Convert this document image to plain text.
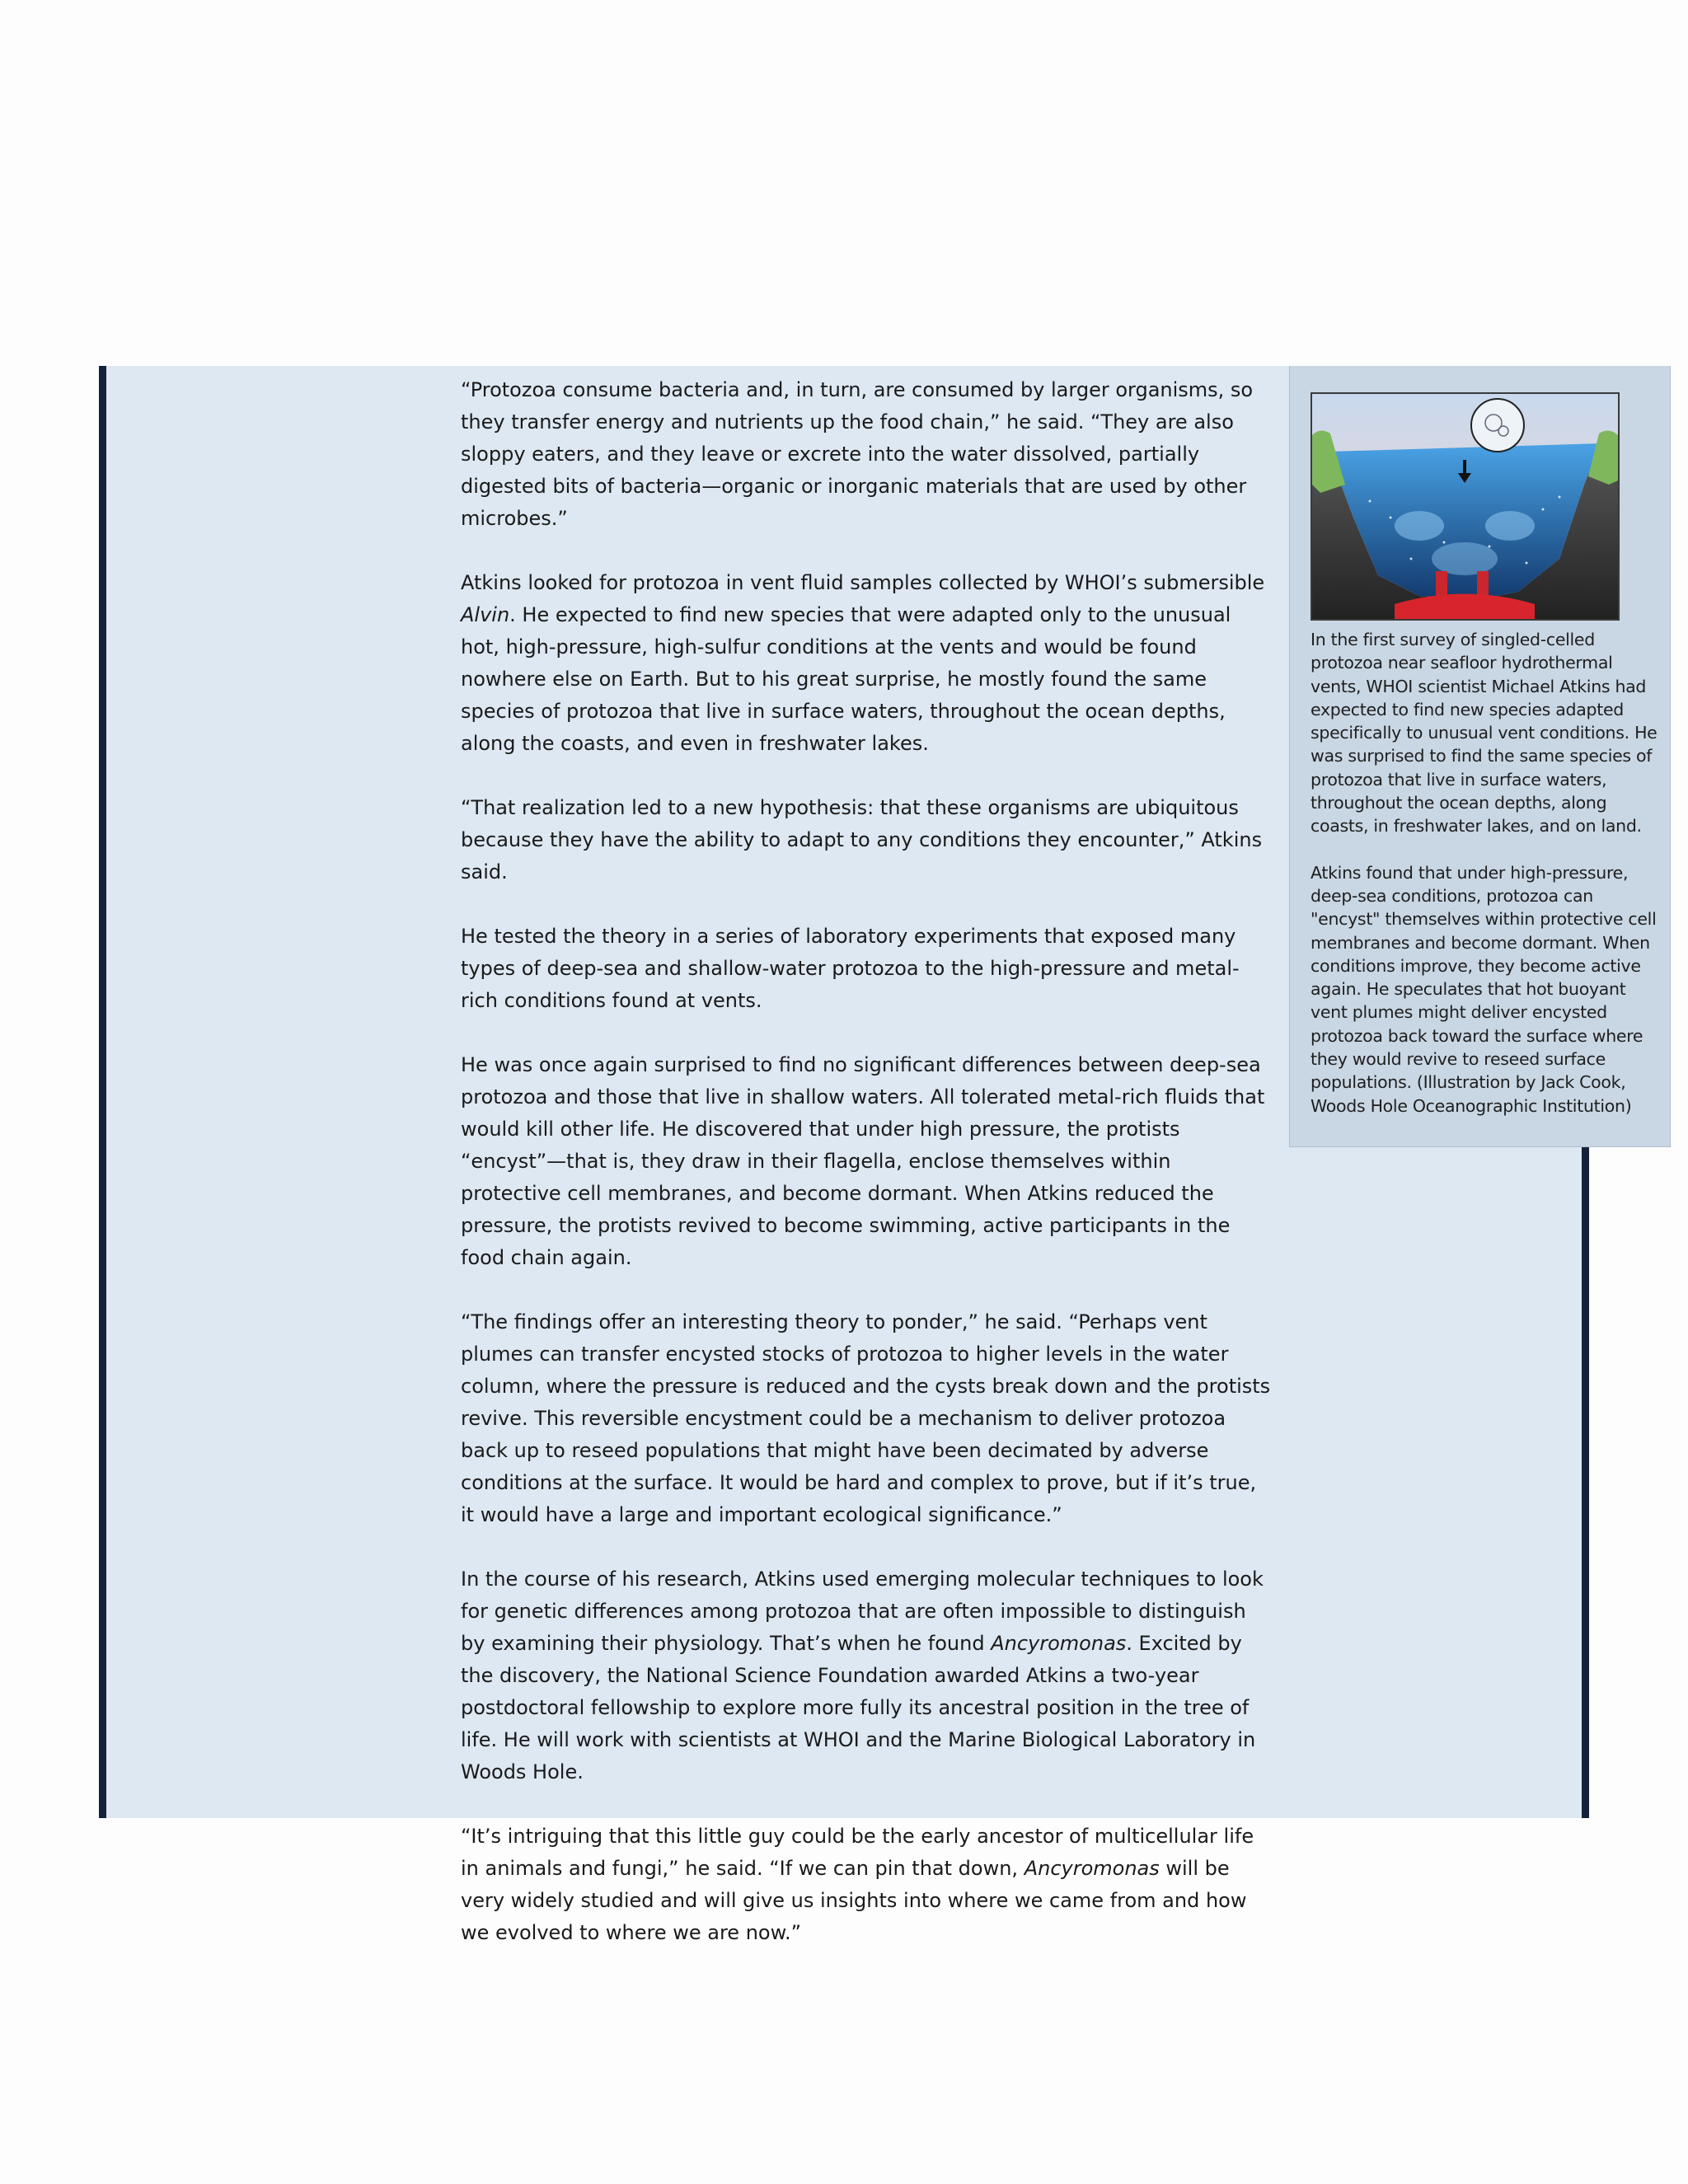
“Protozoa consume bacteria and, in turn, are consumed by larger organisms, so they transfer energy and nutrients up the food chain,” he said. “They are also sloppy eaters, and they leave or excrete into the water dissolved, partially digested bits of bacteria—organic or inorganic materials that are used by other microbes.”

Atkins looked for protozoa in vent fluid samples collected by WHOI’s submersible Alvin. He expected to find new species that were adapted only to the unusual hot, high-pressure, high-sulfur conditions at the vents and would be found nowhere else on Earth. But to his great surprise, he mostly found the same species of protozoa that live in surface waters, throughout the ocean depths, along the coasts, and even in freshwater lakes.

“That realization led to a new hypothesis: that these organisms are ubiquitous because they have the ability to adapt to any conditions they encounter,” Atkins said.

He tested the theory in a series of laboratory experiments that exposed many types of deep-sea and shallow-water protozoa to the high-pressure and metal-rich conditions found at vents.

He was once again surprised to find no significant differences between deep-sea protozoa and those that live in shallow waters. All tolerated metal-rich fluids that would kill other life. He discovered that under high pressure, the protists “encyst”—that is, they draw in their flagella, enclose themselves within protective cell membranes, and become dormant. When Atkins reduced the pressure, the protists revived to become swimming, active participants in the food chain again.

“The findings offer an interesting theory to ponder,” he said. “Perhaps vent plumes can transfer encysted stocks of protozoa to higher levels in the water column, where the pressure is reduced and the cysts break down and the protists revive. This reversible encystment could be a mechanism to deliver protozoa back up to reseed populations that might have been decimated by adverse conditions at the surface. It would be hard and complex to prove, but if it’s true, it would have a large and important ecological significance.”

In the course of his research, Atkins used emerging molecular techniques to look for genetic differences among protozoa that are often impossible to distinguish by examining their physiology. That’s when he found Ancyromonas. Excited by the discovery, the National Science Foundation awarded Atkins a two-year postdoctoral fellowship to explore more fully its ancestral position in the tree of life. He will work with scientists at WHOI and the Marine Biological Laboratory in Woods Hole.

“It’s intriguing that this little guy could be the early ancestor of multicellular life in animals and fungi,” he said. “If we can pin that down, Ancyromonas will be very widely studied and will give us insights into where we came from and how we evolved to where we are now.”

In the first survey of singled-celled protozoa near seafloor hydrothermal vents, WHOI scientist Michael Atkins had expected to find new species adapted specifically to unusual vent conditions. He was surprised to find the same species of protozoa that live in surface waters, throughout the ocean depths, along coasts, in freshwater lakes, and on land.

Atkins found that under high-pressure, deep-sea conditions, protozoa can "encyst" themselves within protective cell membranes and become dormant. When conditions improve, they become active again. He speculates that hot buoyant vent plumes might deliver encysted protozoa back toward the surface where they would revive to reseed surface populations. (Illustration by Jack Cook, Woods Hole Oceanographic Institution)
